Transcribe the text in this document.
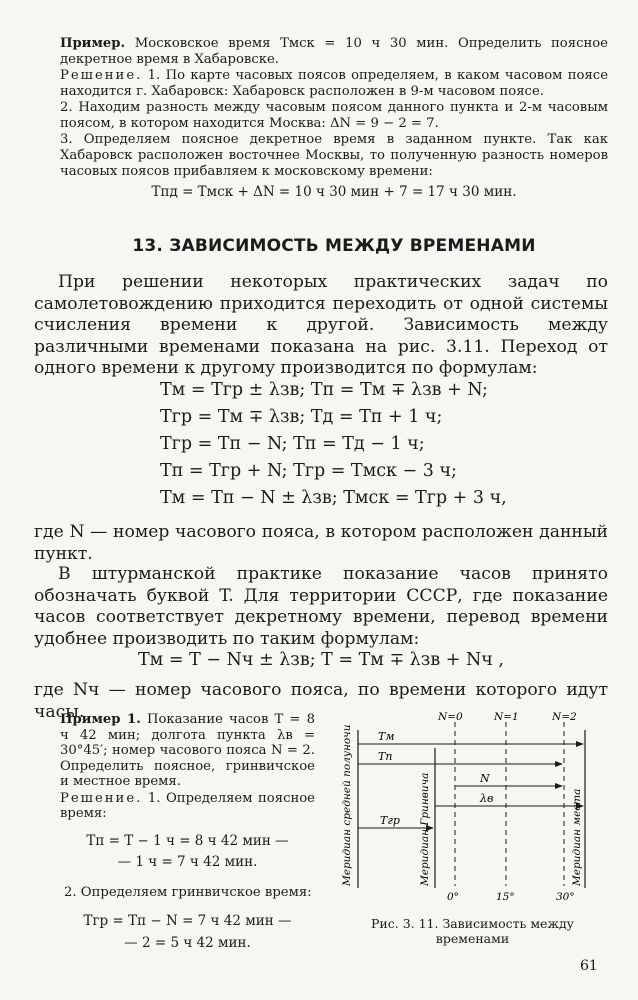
Пример. Московское время Tмск = 10 ч 30 мин. Определить поясное декретное время в Хабаровске.

Решение. 1. По карте часовых поясов определяем, в каком часовом поясе находится г. Хабаровск: Хабаровск расположен в 9-м часовом поясе.

2. Находим разность между часовым поясом данного пункта и 2-м часовым поясом, в котором находится Москва: ΔN = 9 − 2 = 7.

3. Определяем поясное декретное время в заданном пункте. Так как Хабаровск расположен восточнее Москвы, то полученную разность номеров часовых поясов прибавляем к московскому времени:

Tпд = Tмск + ΔN = 10 ч 30 мин + 7 = 17 ч 30 мин.
13. ЗАВИСИМОСТЬ МЕЖДУ ВРЕМЕНАМИ

При решении некоторых практических задач по самолетовождению приходится переходить от одной системы счисления времени к другой. Зависимость между различными временами показана на рис. 3.11. Переход от одного времени к другому производится по формулам:

Tм = Tгр ± λзв; Tп = Tм ∓ λзв + N;
Tгр = Tм ∓ λзв; Tд = Tп + 1 ч;
Tгр = Tп − N; Tп = Tд − 1 ч;
Tп = Tгр + N; Tгр = Tмск − 3 ч;
Tм = Tп − N ± λзв; Tмск = Tгр + 3 ч,

где N — номер часового пояса, в котором расположен данный пункт.

В штурманской практике показание часов принято обозначать буквой T. Для территории СССР, где показание часов соответствует декретному времени, перевод времени удобнее производить по таким формулам:

Tм = T − Nч ± λзв; T = Tм ∓ λзв + Nч ,

где Nч — номер часового пояса, по времени которого идут часы.

Пример 1. Показание часов T = 8 ч 42 мин; долгота пункта λв = 30°45′; номер часового пояса N = 2. Определить поясное, гринвичское и местное время.

Решение. 1. Определяем поясное время:

Tп = T − 1 ч = 8 ч 42 мин —

— 1 ч = 7 ч 42 мин.

2. Определяем гринвичское время:

Tгр = Tп − N = 7 ч 42 мин —

— 2 = 5 ч 42 мин.

N=0	N=1	N=2
Tм
Tп
N
λв
Tгр
Меридиан средней полуночи	Меридиан Гринвича	Меридиан места
0°	15°	30°
Рис. 3. 11. Зависимость между временами
61
